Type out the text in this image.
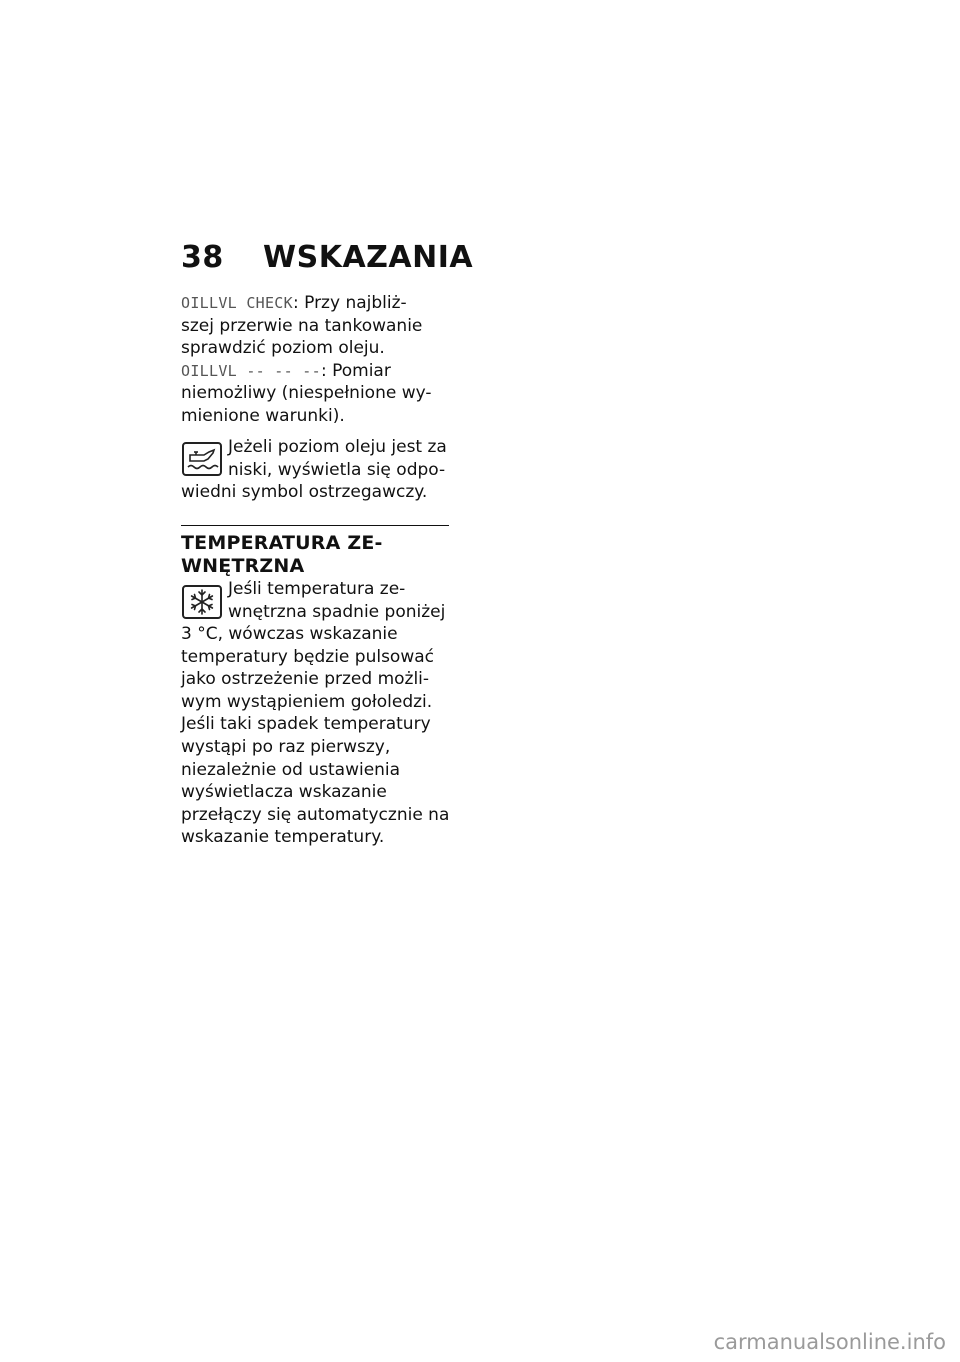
38 WSKAZANIA

OILLVL CHECK: Przy najbliż-

szej przerwie na tankowanie

sprawdzić poziom oleju.

OILLVL -- -- --: Pomiar

niemożliwy (niespełnione wy-

mienione warunki).

Jeżeli poziom oleju jest za

niski, wyświetla się odpo-

wiedni symbol ostrzegawczy.

TEMPERATURA ZE-
WNĘTRZNA

Jeśli temperatura ze-

wnętrzna spadnie poniżej

3 °C, wówczas wskazanie

temperatury będzie pulsować

jako ostrzeżenie przed możli-

wym wystąpieniem gołoledzi.

Jeśli taki spadek temperatury

wystąpi po raz pierwszy,

niezależnie od ustawienia

wyświetlacza wskazanie

przełączy się automatycznie na

wskazanie temperatury.

carmanualsonline.info
